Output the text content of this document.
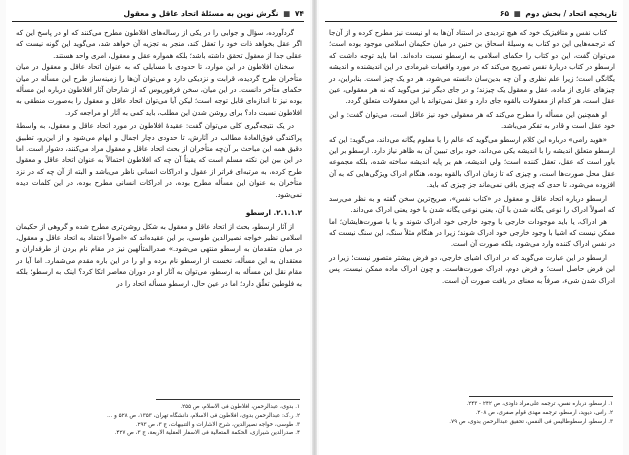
۷۴ ■ نگرش نوین به مسئلهٔ اتحاد عاقل و معقول

گردآورده، سؤال و جوابی را در یکی از رساله‌های افلاطون مطرح می‌کنند که او در پاسخ این که اگر عقل بخواهد ذات خود را تعقل کند، منجر به تجزیه آن خواهد شد، می‌گوید این گونه نیست که عقلی جدا از معقول تحقق داشته باشد؛ بلکه همواره عقل و معقول، امری واحد هستند.

سخنان افلاطون در این موارد، تا حدودی با مسایلی که به عنوان اتحاد عاقل و معقول در میان متأخران طرح گردیده، قرابت و نزدیکی دارد و می‌توان آن‌ها را زمینه‌ساز طرح این مسأله در میان حکمای متأخر دانست. در این میان، سخن فرفوریوس که از شارحان آثار افلاطون درباره این مسأله بوده نیز تا اندازه‌ای قابل توجه است؛ لیکن آیا می‌توان اتحاد عاقل و معقول را به‌صورت منطقی به افلاطون نسبت داد؟ برای روشن شدن این مطلب، باید کمی به آثار او مراجعه کرد.

در یک نتیجه‌گیری کلی می‌توان گفت: عقیدهٔ افلاطون در مورد اتحاد عاقل و معقول، به واسطهٔ پراکندگی فوق‌العادهٔ مطالب در آثارش، تا حدودی دچار اجمال و ابهام می‌شود و از این‌رو، تطبیق دقیق همه این مباحث بر آن‌چه متأخران از بحث اتحاد عاقل و معقول مراد می‌کنند، دشوار است. اما در این بین این نکته مسلم است که یقیناً آن چه که افلاطون احتمالاً به عنوان اتحاد عاقل و معقول طرح کرده، به مرتبه‌ای فراتر از عقول و ادراکات انسانی ناظر می‌باشد و البته از آن چه که در نزد متأخران به عنوان این مسأله مطرح بوده، در ادراکات انسانی مطرح بوده، در این کلمات دیده نمی‌شود.

۲.۱.۱.۲. ارسطو

از آثار ارسطو، بحث از اتحاد عاقل و معقول به شکل روشن‌تری مطرح شده و گروهی از حکیمان اسلامی نظیر خواجه نصیرالدین طوسی، بر این عقیده‌اند که «اصولاً اعتقاد به اتحاد عاقل و معقول، در میان متقدمان به ارسطو منتهی می‌شود.» صدرالمتألهین نیز در مقام نام بردن از طرفداران و معتقدان به این مسأله، نخست از ارسطو نام برده و او را در این باره مقدم می‌شمارد. اما آیا در مقام نقل این مسأله به ارسطو، می‌توان به آثار او در دوران معاصر اتکا کرد؟ اینک به ارسطو؛ بلکه به فلوطین تعلّق دارد؛ اما در عین حال، ارسطو مسأله اتحاد را در

۱. بدوی، عبدالرحمن، افلاطون فی الاسلام، ص ۲۵۵.
۲. ر.ک: عبدالرحمن بدوی، افلاطون فی الاسلام، دانشگاه تهران، ۱۳۵۳، ص ۵۲۸ و ...
۳. طوسی، خواجه نصیرالدین، شرح الاشارات و التنبیهات، ج ۳، ص ۲۹۳.
۴. صدرالدین شیرازی، الحکمة المتعالیة فی الاسفار العقلیة الاربعة، ج ۳، ص ۴۲۷.
تاریخچه اتحاد / بخش دوم ■ ۶۵

کتاب نفس و متافیزیک خود که هیچ تردیدی در استناد آن‌ها به او نیست نیز مطرح کرده و از آن‌جا که ترجمه‌هایی این دو کتاب به وسیلهٔ اسحاق بن حنین در میان حکیمان اسلامی موجود بوده است؛ می‌توان گفت، این دو کتاب را حکمای اسلامی به ارسطو نسبت داده‌اند. اما باید توجه داشت که ارسطو در کتاب دربارهٔ نفس تصریح می‌کند که در مورد واقعیات غیرمادی در این اندیشنده و اندیشه یگانگی است؛ زیرا علم نظری و آن چه بدین‌سان دانسته می‌شود، هر دو یک چیز است. بنابراین، در چیزهای عاری از ماده، عقل و معقول یک چیزند؛ و در جای دیگر نیز می‌گوید که نه هر معقولی، عین عقل است، هر کدام از معقولات بالقوه جای دارد و عقل نمی‌تواند با این معقولات متعلق گردد.

او همچنین این مسأله را مطرح می‌کند که هر معقولی خود نیز عاقل است، می‌توان گفت: و این خود عقل است و قادر به تفکر می‌باشد.

«هوید رامی» درباره این کلام ارسطو می‌گوید که عالم را با معلوم یگانه می‌داند، می‌گوید: این که ارسطو متعلق اندیشه را با اندیشه یکی می‌داند، خود برای تبیین آن به ظاهر نیاز دارد. ارسطو بر این باور است که عقل، تعقل کننده است؛ ولی اندیشه، هم بر پایه اندیشه ساخته شده، بلکه مجموعه عقل محل صورت‌ها است، و چیزی که تا زمان ادراک بالقوه بوده، هنگام ادراک ویژگی‌هایی که به آن افزوده می‌شود، تا حدی که چیزی باقی نمی‌ماند جز چیزی که باید.

ارسطو درباره اتحاد عاقل و معقول در «کتاب نفس»، صریح‌ترین سخن گفته و به نظر می‌رسد که اصولاً ادراک را نوعی یگانه شدن با آن، یعنی نوعی یگانه شدن با خود یعنی ادراک می‌داند.

هر ادراک، یا باید موجودات خارجی با وجود خارجی خود ادراک شوند و یا با صورت‌هایشان؛ اما ممکن نیست که اشیا با وجود خارجی خود ادراک شوند؛ زیرا در هنگام مثلاً سنگ، این سنگ نیست که در نفس ادراک کننده وارد می‌شود، بلکه صورت آن است.

ارسطو در این عبارت می‌گوید که در ادراک اشیای خارجی، دو فرض بیشتر متصور نیست؛ زیرا در این فرض حاصل است؛ و فرض دوم، ادراک صورت‌هاست. و چون ادراک ماده ممکن نیست، پس ادراک شدن شیء، صرفاً به معنای در یافت صورت آن است.

۱. ارسطو، درباره نفس، ترجمه علی‌مراد داودی، ص ۲۴۲ - ۲۴۳.
۲. راس، دیوید، ارسطو، ترجمه مهدی قوام صفری، ص ۲۰۸.
۳. ارسطو، ارسطوطالیس فی النفس، تحقیق عبدالرحمن بدوی، ص ۷۹.
